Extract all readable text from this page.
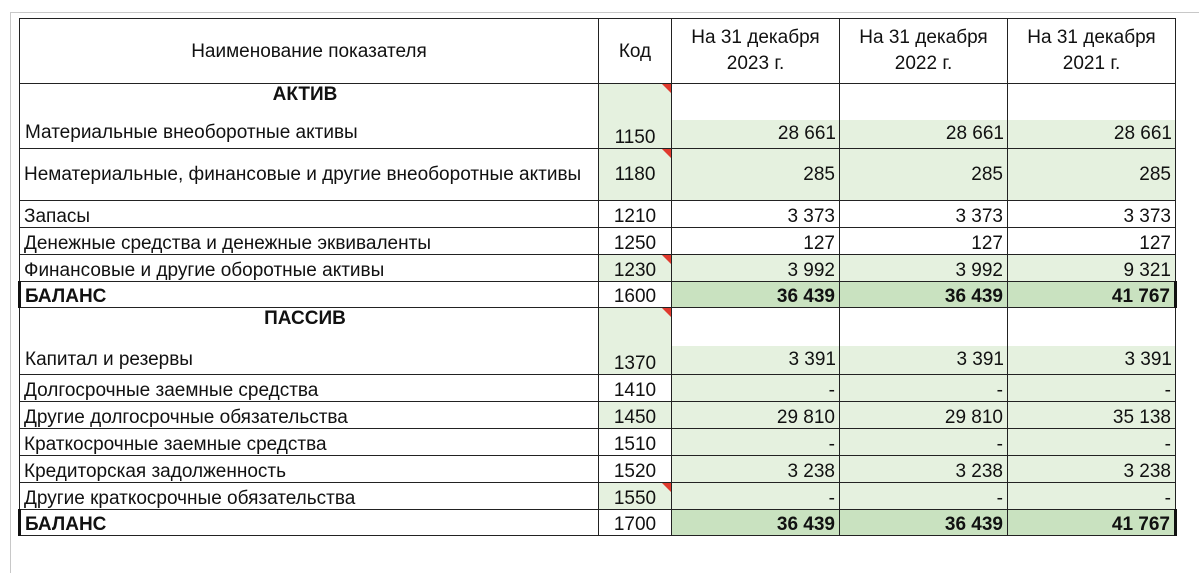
Наименование показателя	Код	На 31 декабря 2023 г.	На 31 декабря 2022 г.	На 31 декабря 2021 г.

АКТИВ
Материальные внеоборотные активы	1150	28 661	28 661	28 661

Нематериальные, финансовые и другие внеоборотные активы	1180	285	285	285
Запасы	1210	3 373	3 373	3 373
Денежные средства и денежные эквиваленты	1250	127	127	127
Финансовые и другие оборотные активы	1230	3 992	3 992	9 321
БАЛАНС	1600	36 439	36 439	41 767

ПАССИВ
Капитал и резервы	1370	3 391	3 391	3 391

Долгосрочные заемные средства	1410	-	-	-
Другие долгосрочные обязательства	1450	29 810	29 810	35 138
Краткосрочные заемные средства	1510	-	-	-
Кредиторская задолженность	1520	3 238	3 238	3 238
Другие краткосрочные обязательства	1550	-	-	-
БАЛАНС	1700	36 439	36 439	41 767
